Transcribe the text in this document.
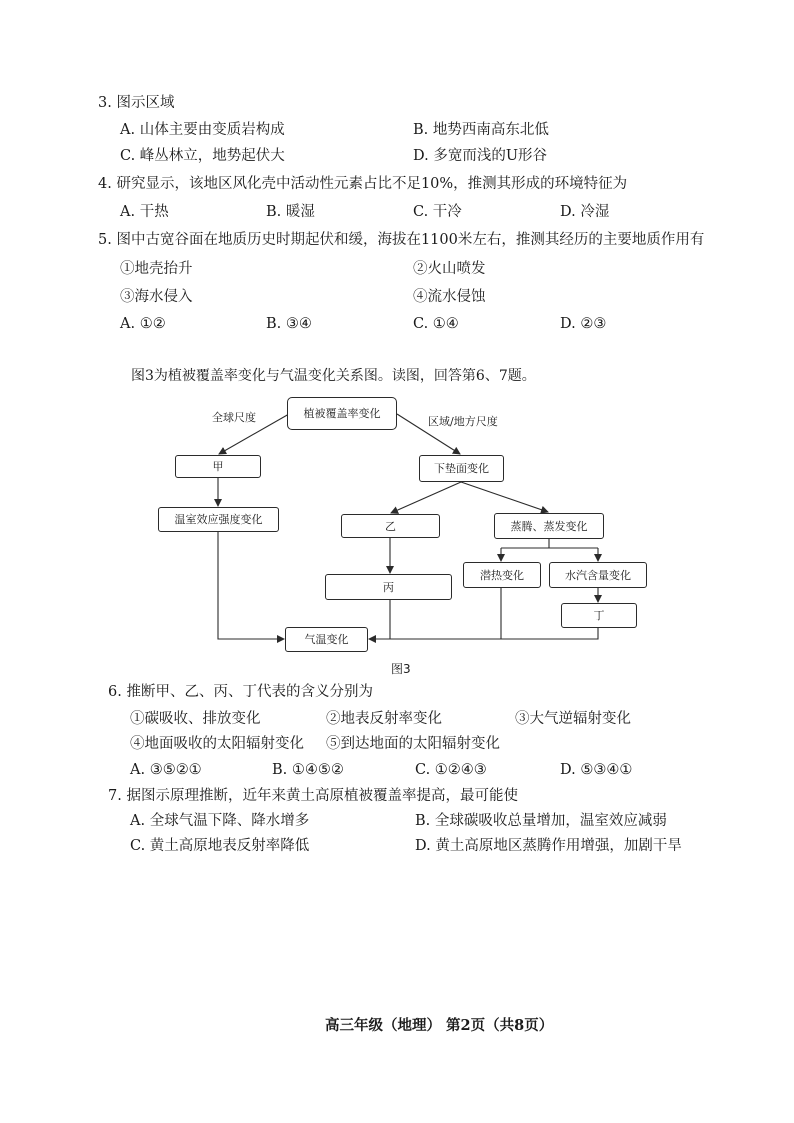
3. 图示区域
A. 山体主要由变质岩构成	B. 地势西南高东北低
C. 峰丛林立，地势起伏大	D. 多宽而浅的U形谷
4. 研究显示，该地区风化壳中活动性元素占比不足10%，推测其形成的环境特征为
A. 干热	B. 暖湿	C. 干冷	D. 冷湿
5. 图中古宽谷面在地质历史时期起伏和缓，海拔在1100米左右，推测其经历的主要地质作用有
①地壳抬升	②火山喷发
③海水侵入	④流水侵蚀
A. ①②	B. ③④	C. ①④	D. ②③
图3为植被覆盖率变化与气温变化关系图。读图，回答第6、7题。
植被覆盖率变化
全球尺度	区域/地方尺度
甲	下垫面变化
温室效应强度变化	乙	蒸腾、蒸发变化
潜热变化	水汽含量变化
丙
丁
气温变化
图3
6. 推断甲、乙、丙、丁代表的含义分别为
①碳吸收、排放变化	②地表反射率变化	③大气逆辐射变化
④地面吸收的太阳辐射变化 ⑤到达地面的太阳辐射变化
A. ③⑤②①	B. ①④⑤②	C. ①②④③	D. ⑤③④①
7. 据图示原理推断，近年来黄土高原植被覆盖率提高，最可能使
A. 全球气温下降、降水增多	B. 全球碳吸收总量增加，温室效应减弱
C. 黄土高原地表反射率降低	D. 黄土高原地区蒸腾作用增强，加剧干旱
高三年级（地理） 第2页（共8页）
